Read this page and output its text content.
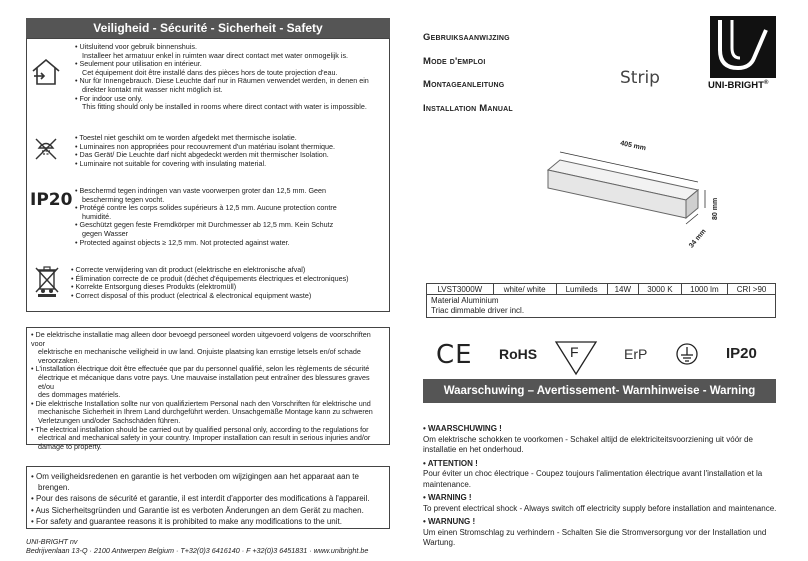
Veiligheid - Sécurité - Sicherheit - Safety
• Uitsluitend voor gebruik binnenshuis.
Installeer het armatuur enkel in ruimten waar direct contact met water onmogelijk is.
• Seulement pour utilisation en intérieur.
Cet équipement doit être installé dans des pièces hors de toute projection d'eau.
• Nur für Innengebrauch. Diese Leuchte darf nur in Räumen verwendet werden, in denen ein
direkter kontakt mit wasser nicht möglich ist.
• For indoor use only.
This fitting should only be installed in rooms where direct contact with water is impossible.
• Toestel niet geschikt om te worden afgedekt met thermische isolatie.
• Luminaires non appropriées pour recouvrement d'un matériau isolant thermique.
• Das Gerät/ Die Leuchte darf nicht abgedeckt werden mit thermischer Isolation.
• Luminaire not suitable for covering with insulating material.
IP20
• Beschermd tegen indringen van vaste voorwerpen groter dan 12,5 mm. Geen
bescherming tegen vocht.
• Protégé contre les corps solides supérieurs à 12,5 mm. Aucune protection contre
humidité.
• Geschützt gegen feste Fremdkörper mit Durchmesser ab 12,5 mm. Kein Schutz
gegen Wasser
• Protected against objects ≥ 12,5 mm. Not protected against water.
• Correcte verwijdering van dit product (elektrische en elektronische afval)
• Élimination correcte de ce produit (déchet d'équipements électriques et electroniques)
• Korrekte Entsorgung dieses Produkts (elektromüll)
• Correct disposal of this product (electrical & electronical equipment waste)
• De elektrische installatie mag alleen door bevoegd personeel worden uitgevoerd volgens de voorschriften voor
elektrische en mechanische veiligheid in uw land. Onjuiste plaatsing kan ernstige letsels en/of schade
veroorzaken.
• L'installation électrique doit être effectuée que par du personnel qualifié, selon les règlements de sécurité
électrique et mécanique dans votre pays. Une mauvaise installation peut entraîner des blessures graves et/ou
des dommages matériels.
• Die elektrische Installation sollte nur von qualifiziertem Personal nach den Vorschriften für elektrische und
mechanische Sicherheit in Ihrem Land durchgeführt werden. Unsachgemäße Montage kann zu schweren
Verletzungen und/oder Sachschäden führen.
• The electrical installation should be carried out by qualified personal only, according to the regulations for
electrical and mechanical safety in your country. Improper installation can result in serious injuries and/or
damage to property.
• Om veiligheidsredenen en garantie is het verboden om wijzigingen aan het apparaat aan te
brengen.
• Pour des raisons de sécurité et garantie, il est interdit d'apporter des modifications à l'appareil.
• Aus Sicherheitsgründen und Garantie ist es verboten Änderungen an dem Gerät zu machen.
• For safety and guarantee reasons it is prohibited to make any modifications to the unit.
UNI-BRIGHT nv
Bedrijvenlaan 13-Q · 2100 Antwerpen Belgium · T+32(0)3 6416140 · F +32(0)3 6451831 · www.unibright.be
Gebruiksaanwijzing
Mode d'emploi
Montageanleitung
Installation Manual
Strip	UNI-BRIGHT®
405 mm
80 mm
34 mm
LVST3000W	white/ white	Lumileds	14W	3000 K	1000 lm	CRI >90
Material Aluminium
Triac dimmable driver incl.
CE RoHS F	ErP	IP20
Waarschuwing – Avertissement- Warnhinweise - Warning
• WAARSCHUWING !
Om elektrische schokken te voorkomen - Schakel altijd de elektriciteitsvoorziening uit vóór de installatie en het onderhoud.
• ATTENTION !
Pour éviter un choc électrique - Coupez toujours l'alimentation électrique avant l'installation et la maintenance.
• WARNING !
To prevent electrical shock - Always switch off electricity supply before installation and maintenance.
• WARNUNG !
Um einen Stromschlag zu verhindern - Schalten Sie die Stromversorgung vor der Installation und Wartung.
